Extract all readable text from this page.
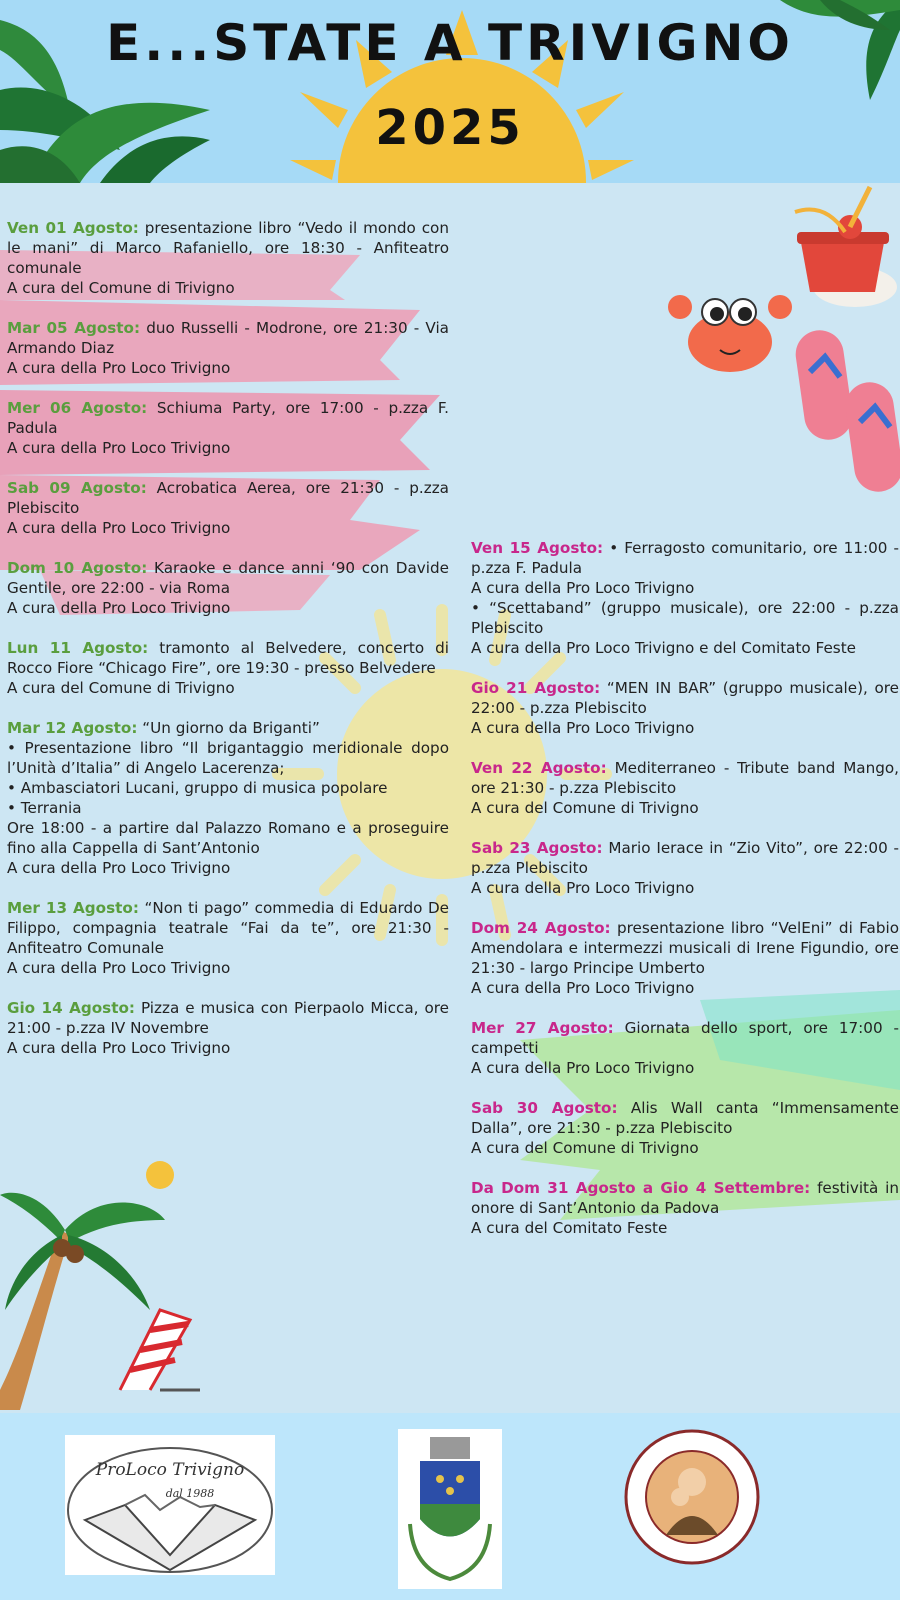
E...STATE A TRIVIGNO
2025
Ven 01 Agosto: presentazione libro “Vedo il mondo con le mani” di Marco Rafaniello, ore 18:30 - Anfiteatro comunale
A cura del Comune di Trivigno
Mar 05 Agosto: duo Russelli - Modrone, ore 21:30 - Via Armando Diaz
A cura della Pro Loco Trivigno
Mer 06 Agosto: Schiuma Party, ore 17:00 - p.zza F. Padula
A cura della Pro Loco Trivigno
Sab 09 Agosto: Acrobatica Aerea, ore 21:30 - p.zza Plebiscito
A cura della Pro Loco Trivigno
Dom 10 Agosto: Karaoke e dance anni ‘90 con Davide Gentile, ore 22:00 - via Roma
A cura della Pro Loco Trivigno
Lun 11 Agosto: tramonto al Belvedere, concerto di Rocco Fiore “Chicago Fire”, ore 19:30 - presso Belvedere
A cura del Comune di Trivigno
Mar 12 Agosto: “Un giorno da Briganti”
• Presentazione libro “Il brigantaggio meridionale dopo l’Unità d’Italia” di Angelo Lacerenza;
• Ambasciatori Lucani, gruppo di musica popolare
• Terrania
Ore 18:00 - a partire dal Palazzo Romano e a proseguire fino alla Cappella di Sant’Antonio
A cura della Pro Loco Trivigno
Mer 13 Agosto: “Non ti pago” commedia di Eduardo De Filippo, compagnia teatrale “Fai da te”, ore 21:30 - Anfiteatro Comunale
A cura della Pro Loco Trivigno
Gio 14 Agosto: Pizza e musica con Pierpaolo Micca, ore 21:00 - p.zza IV Novembre
A cura della Pro Loco Trivigno
Ven 15 Agosto: • Ferragosto comunitario, ore 11:00 - p.zza F. Padula
A cura della Pro Loco Trivigno
• “Scettaband” (gruppo musicale), ore 22:00 - p.zza Plebiscito
A cura della Pro Loco Trivigno e del Comitato Feste
Gio 21 Agosto: “MEN IN BAR” (gruppo musicale), ore 22:00 - p.zza Plebiscito
A cura della Pro Loco Trivigno
Ven 22 Agosto: Mediterraneo - Tribute band Mango, ore 21:30 - p.zza Plebiscito
A cura del Comune di Trivigno
Sab 23 Agosto: Mario Ierace in “Zio Vito”, ore 22:00 - p.zza Plebiscito
A cura della Pro Loco Trivigno
Dom 24 Agosto: presentazione libro “VelEni” di Fabio Amendolara e intermezzi musicali di Irene Figundio, ore 21:30 - largo Principe Umberto
A cura della Pro Loco Trivigno
Mer 27 Agosto: Giornata dello sport, ore 17:00 - campetti
A cura della Pro Loco Trivigno
Sab 30 Agosto: Alis Wall canta “Immensamente Dalla”, ore 21:30 - p.zza Plebiscito
A cura del Comune di Trivigno
Da Dom 31 Agosto a Gio 4 Settembre: festività in onore di Sant’Antonio da Padova
A cura del Comitato Feste
ProLoco Trivigno
dal 1988
